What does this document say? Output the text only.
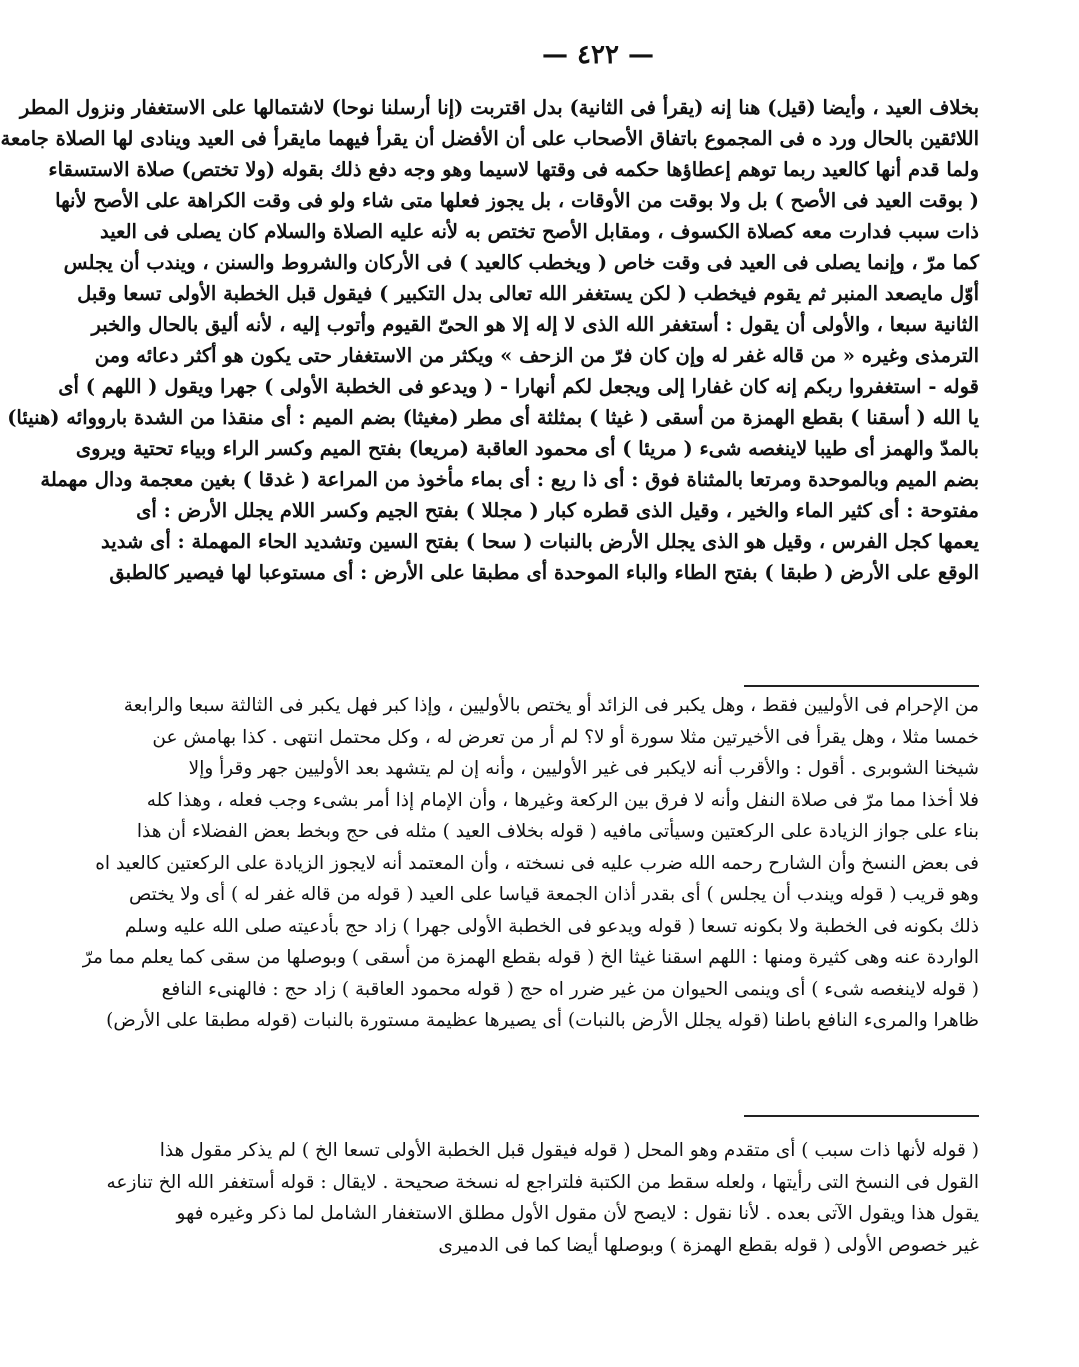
— ٤٢٢ —
بخلاف العيد ، وأيضا (قيل) هنا إنه (يقرأ فى الثانية) بدل اقتربت (إنا أرسلنا نوحا) لاشتمالها على الاستغفار ونزول المطر
اللائقين بالحال ورد ه فى المجموع باتفاق الأصحاب على أن الأفضل أن يقرأ فيهما مايقرأ فى العيد وينادى لها الصلاة جامعة
ولما قدم أنها كالعيد ربما توهم إعطاؤها حكمه فى وقتها لاسيما وهو وجه دفع ذلك بقوله (ولا تختص) صلاة الاستسقاء
( بوقت العيد فى الأصح ) بل ولا بوقت من الأوقات ، بل يجوز فعلها متى شاء ولو فى وقت الكراهة على الأصح لأنها
ذات سبب فدارت معه كصلاة الكسوف ، ومقابل الأصح تختص به لأنه عليه الصلاة والسلام كان يصلى فى العيد
كما مرّ ، وإنما يصلى فى العيد فى وقت خاص ( ويخطب كالعيد ) فى الأركان والشروط والسنن ، ويندب أن يجلس
أوّل مايصعد المنبر ثم يقوم فيخطب ( لكن يستغفر الله تعالى بدل التكبير ) فيقول قبل الخطبة الأولى تسعا وقبل
الثانية سبعا ، والأولى أن يقول : أستغفر الله الذى لا إله إلا هو الحىّ القيوم وأتوب إليه ، لأنه أليق بالحال والخبر
الترمذى وغيره « من قاله غفر له وإن كان فرّ من الزحف » ويكثر من الاستغفار حتى يكون هو أكثر دعائه ومن
قوله - استغفروا ربكم إنه كان غفارا إلى ويجعل لكم أنهارا - ( ويدعو فى الخطبة الأولى ) جهرا ويقول ( اللهم ) أى
يا الله ( أسقنا ) بقطع الهمزة من أسقى ( غيثا ) بمثلثة أى مطر (مغيثا) بضم الميم : أى منقذا من الشدة بارووائه (هنيئا)
بالمدّ والهمز أى طيبا لاينغصه شىء ( مريئا ) أى محمود العاقبة (مريعا) بفتح الميم وكسر الراء وبياء تحتية ويروى
بضم الميم وبالموحدة ومرتعا بالمثناة فوق : أى ذا ريع : أى بماء مأخوذ من المراعة ( غدقا ) بغين معجمة ودال مهملة
مفتوحة : أى كثير الماء والخير ، وقيل الذى قطره كبار ( مجللا ) بفتح الجيم وكسر اللام يجلل الأرض : أى
يعمها كجل الفرس ، وقيل هو الذى يجلل الأرض بالنبات ( سحا ) بفتح السين وتشديد الحاء المهملة : أى شديد
الوقع على الأرض ( طبقا ) بفتح الطاء والباء الموحدة أى مطبقا على الأرض : أى مستوعبا لها فيصير كالطبق
من الإحرام فى الأوليين فقط ، وهل يكبر فى الزائد أو يختص بالأوليين ، وإذا كبر فهل يكبر فى الثالثة سبعا والرابعة
خمسا مثلا ، وهل يقرأ فى الأخيرتين مثلا سورة أو لا؟ لم أر من تعرض له ، وكل محتمل انتهى . كذا بهامش عن
شيخنا الشوبرى . أقول : والأقرب أنه لايكبر فى غير الأوليين ، وأنه إن لم يتشهد بعد الأوليين جهر وقرأ وإلا
فلا أخذا مما مرّ فى صلاة النفل وأنه لا فرق بين الركعة وغيرها ، وأن الإمام إذا أمر بشىء وجب فعله ، وهذا كله
بناء على جواز الزيادة على الركعتين وسيأتى مافيه ( قوله بخلاف العيد ) مثله فى حج وبخط بعض الفضلاء أن هذا
فى بعض النسخ وأن الشارح رحمه الله ضرب عليه فى نسخته ، وأن المعتمد أنه لايجوز الزيادة على الركعتين كالعيد اه
وهو قريب ( قوله ويندب أن يجلس ) أى بقدر أذان الجمعة قياسا على العيد ( قوله من قاله غفر له ) أى ولا يختص
ذلك بكونه فى الخطبة ولا بكونه تسعا ( قوله ويدعو فى الخطبة الأولى جهرا ) زاد حج بأدعيته صلى الله عليه وسلم
الواردة عنه وهى كثيرة ومنها : اللهم اسقنا غيثا الخ ( قوله بقطع الهمزة من أسقى ) وبوصلها من سقى كما يعلم مما مرّ
( قوله لاينغصه شىء ) أى وينمى الحيوان من غير ضرر اه حج ( قوله محمود العاقبة ) زاد حج : فالهنىء النافع
ظاهرا والمرىء النافع باطنا (قوله يجلل الأرض بالنبات) أى يصيرها عظيمة مستورة بالنبات (قوله مطبقا على الأرض)
( قوله لأنها ذات سبب ) أى متقدم وهو المحل ( قوله فيقول قبل الخطبة الأولى تسعا الخ ) لم يذكر مقول هذا
القول فى النسخ التى رأيتها ، ولعله سقط من الكتبة فلتراجع له نسخة صحيحة . لايقال : قوله أستغفر الله الخ تنازعه
يقول هذا ويقول الآتى بعده . لأنا نقول : لايصح لأن مقول الأول مطلق الاستغفار الشامل لما ذكر وغيره فهو
غير خصوص الأولى ( قوله بقطع الهمزة ) وبوصلها أيضا كما فى الدميرى
